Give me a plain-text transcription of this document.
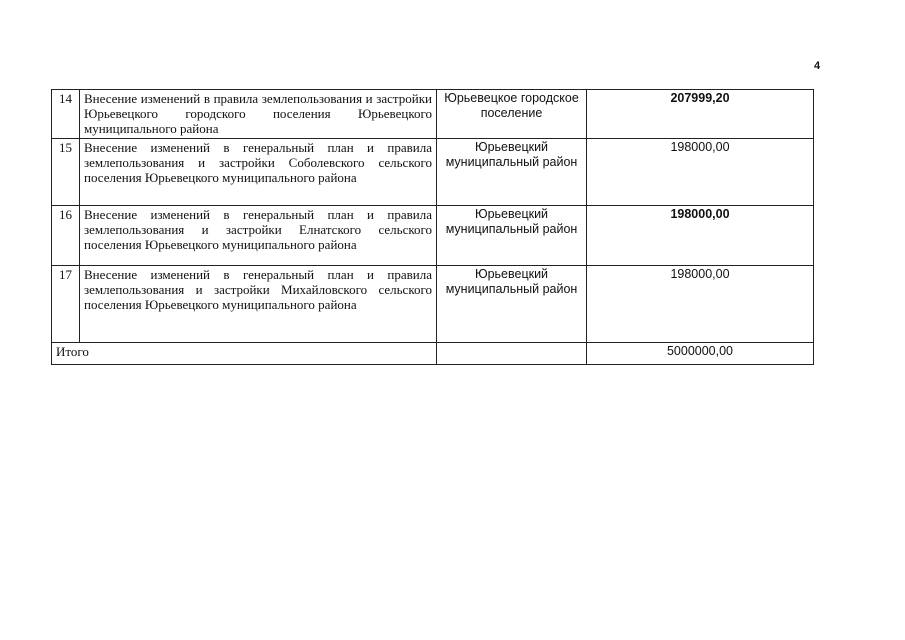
4
14	Внесение изменений в правила землепользования и застройки Юрьевецкого городского поселения Юрьевецкого муниципального района	Юрьевецкое городское поселение	207999,20
15	Внесение изменений в генеральный план и правила землепользования и застройки Соболевского сельского поселения Юрьевецкого муниципального района	Юрьевецкий муниципальный район	198000,00
16	Внесение изменений в генеральный план и правила землепользования и застройки Елнатского сельского поселения Юрьевецкого муниципального района	Юрьевецкий муниципальный район	198000,00
17	Внесение изменений в генеральный план и правила землепользования и застройки Михайловского сельского поселения Юрьевецкого муниципального района	Юрьевецкий муниципальный район	198000,00
Итого			5000000,00
